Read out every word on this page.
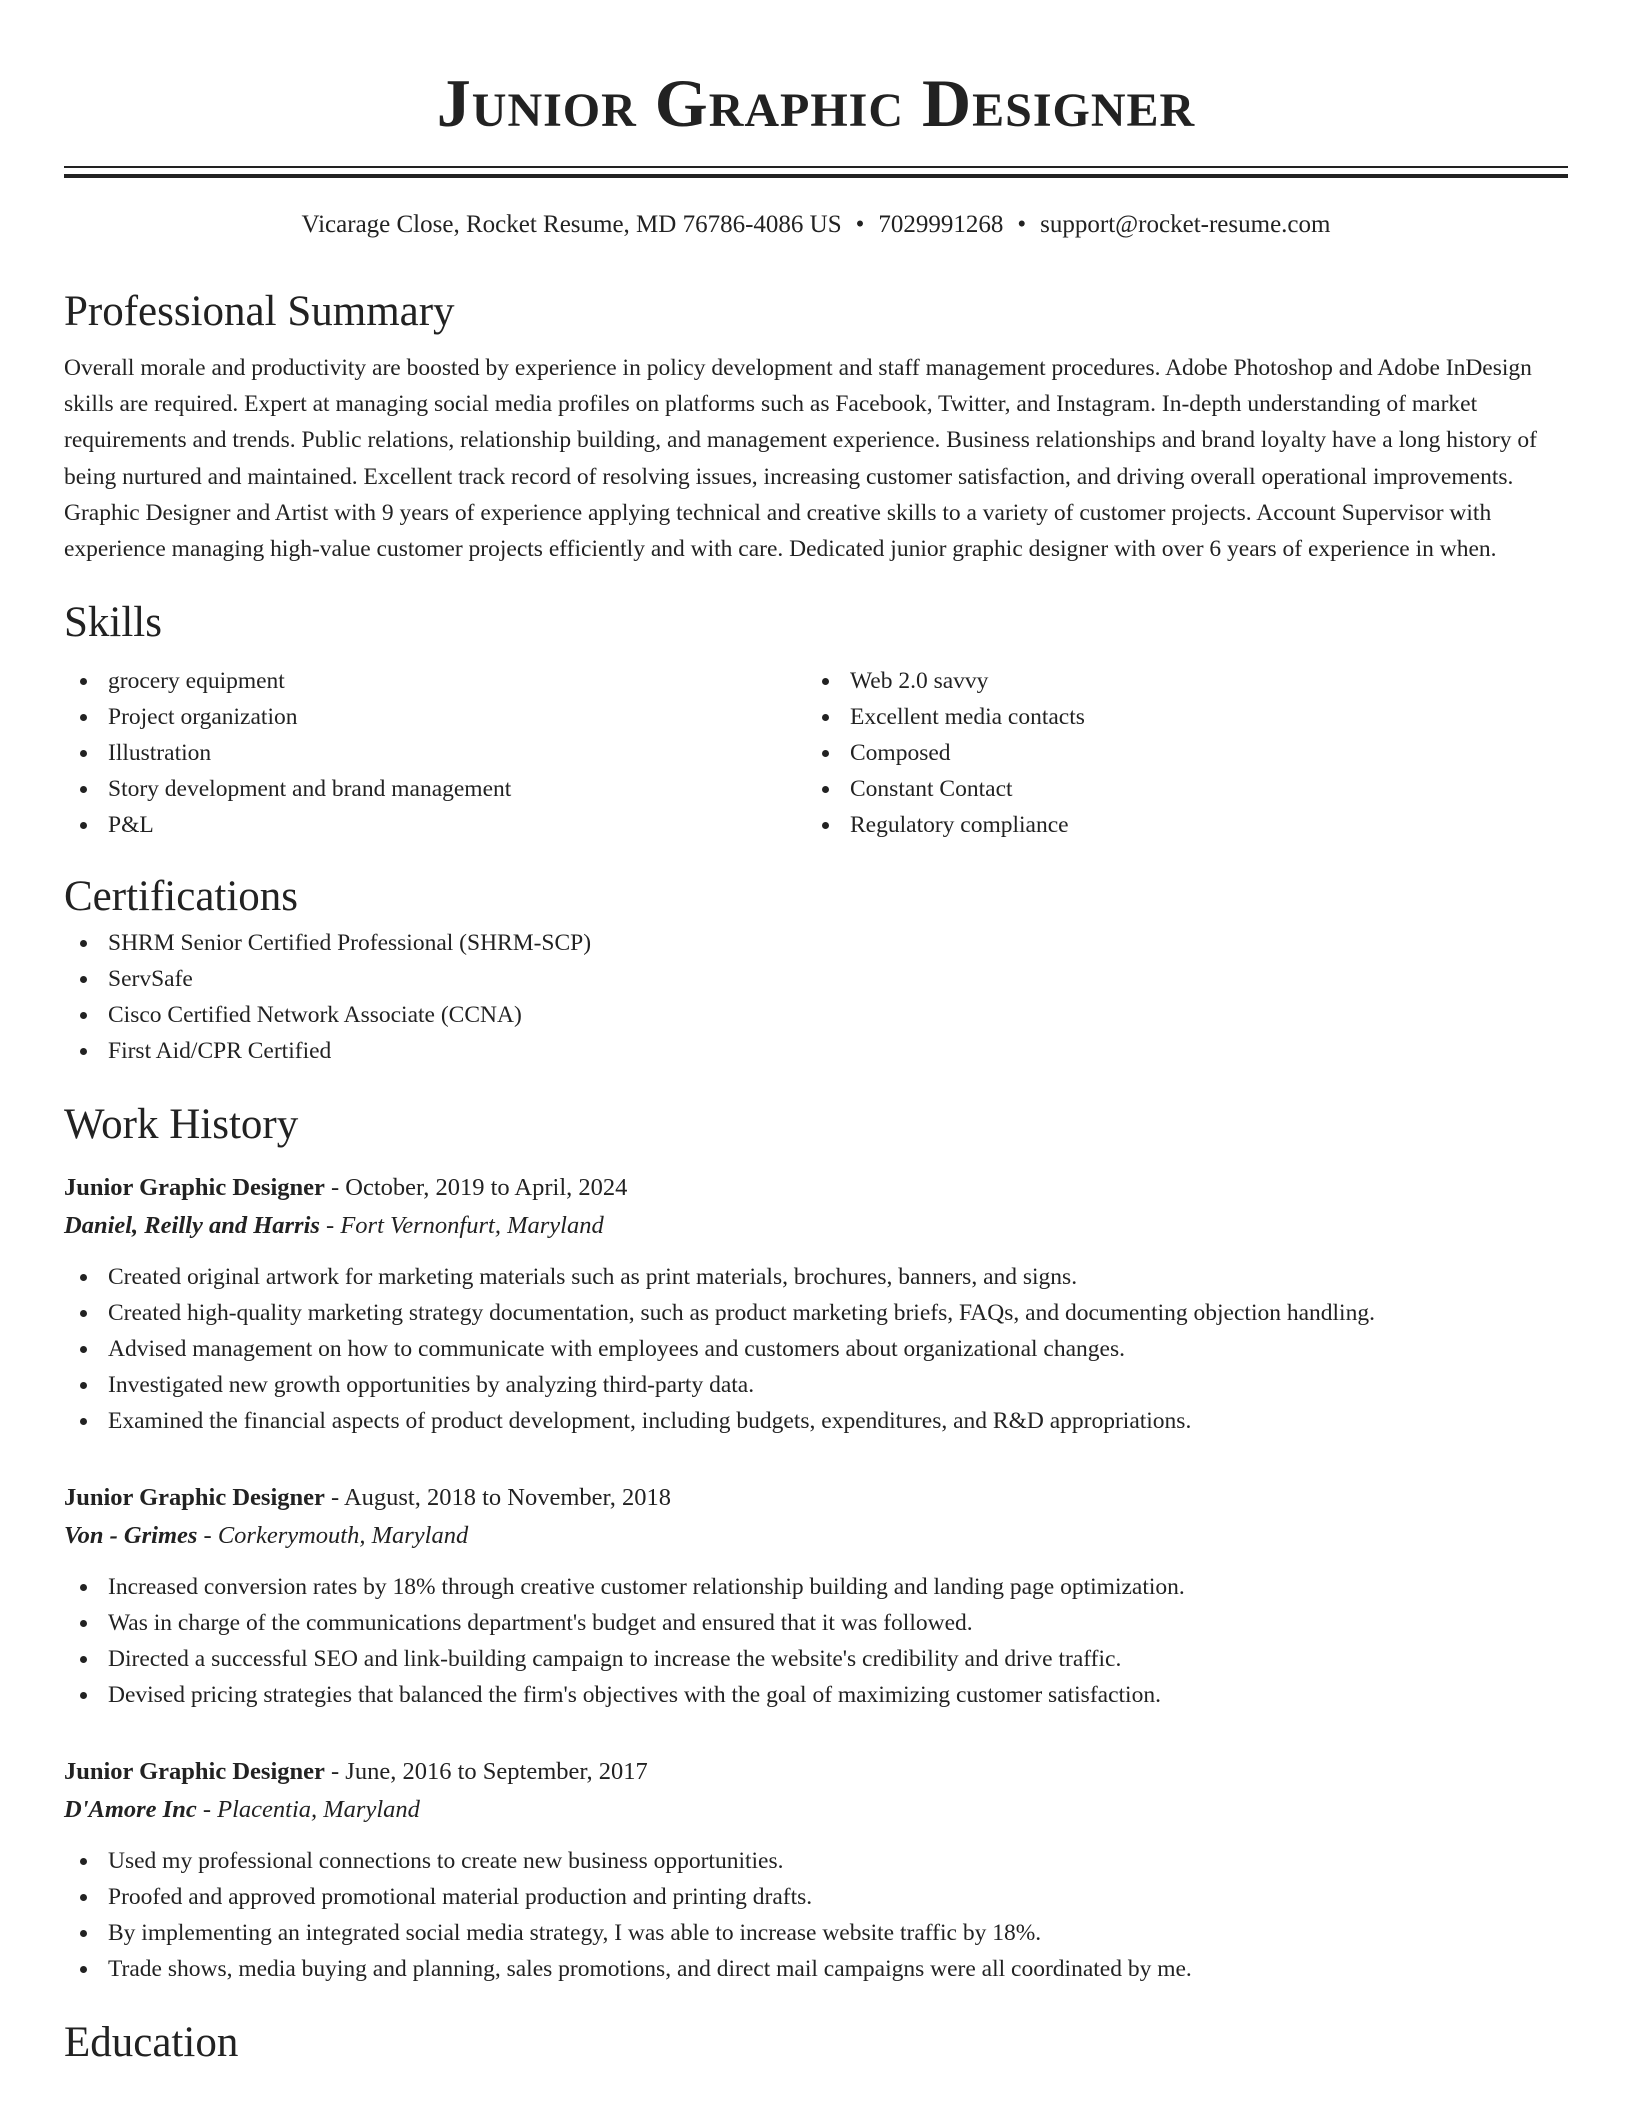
Junior Graphic Designer
Vicarage Close, Rocket Resume, MD 76786-4086 US • 7029991268 • support@rocket-resume.com
Professional Summary
Overall morale and productivity are boosted by experience in policy development and staff management procedures. Adobe Photoshop and Adobe InDesign skills are required. Expert at managing social media profiles on platforms such as Facebook, Twitter, and Instagram. In-depth understanding of market requirements and trends. Public relations, relationship building, and management experience. Business relationships and brand loyalty have a long history of being nurtured and maintained. Excellent track record of resolving issues, increasing customer satisfaction, and driving overall operational improvements. Graphic Designer and Artist with 9 years of experience applying technical and creative skills to a variety of customer projects. Account Supervisor with experience managing high-value customer projects efficiently and with care. Dedicated junior graphic designer with over 6 years of experience in when.
Skills
grocery equipment
Project organization
Illustration
Story development and brand management
P&L
Web 2.0 savvy
Excellent media contacts
Composed
Constant Contact
Regulatory compliance
Certifications
SHRM Senior Certified Professional (SHRM-SCP)
ServSafe
Cisco Certified Network Associate (CCNA)
First Aid/CPR Certified
Work History
Junior Graphic Designer - October, 2019 to April, 2024
Daniel, Reilly and Harris - Fort Vernonfurt, Maryland
Created original artwork for marketing materials such as print materials, brochures, banners, and signs.
Created high-quality marketing strategy documentation, such as product marketing briefs, FAQs, and documenting objection handling.
Advised management on how to communicate with employees and customers about organizational changes.
Investigated new growth opportunities by analyzing third-party data.
Examined the financial aspects of product development, including budgets, expenditures, and R&D appropriations.
Junior Graphic Designer - August, 2018 to November, 2018
Von - Grimes - Corkerymouth, Maryland
Increased conversion rates by 18% through creative customer relationship building and landing page optimization.
Was in charge of the communications department's budget and ensured that it was followed.
Directed a successful SEO and link-building campaign to increase the website's credibility and drive traffic.
Devised pricing strategies that balanced the firm's objectives with the goal of maximizing customer satisfaction.
Junior Graphic Designer - June, 2016 to September, 2017
D'Amore Inc - Placentia, Maryland
Used my professional connections to create new business opportunities.
Proofed and approved promotional material production and printing drafts.
By implementing an integrated social media strategy, I was able to increase website traffic by 18%.
Trade shows, media buying and planning, sales promotions, and direct mail campaigns were all coordinated by me.
Education
